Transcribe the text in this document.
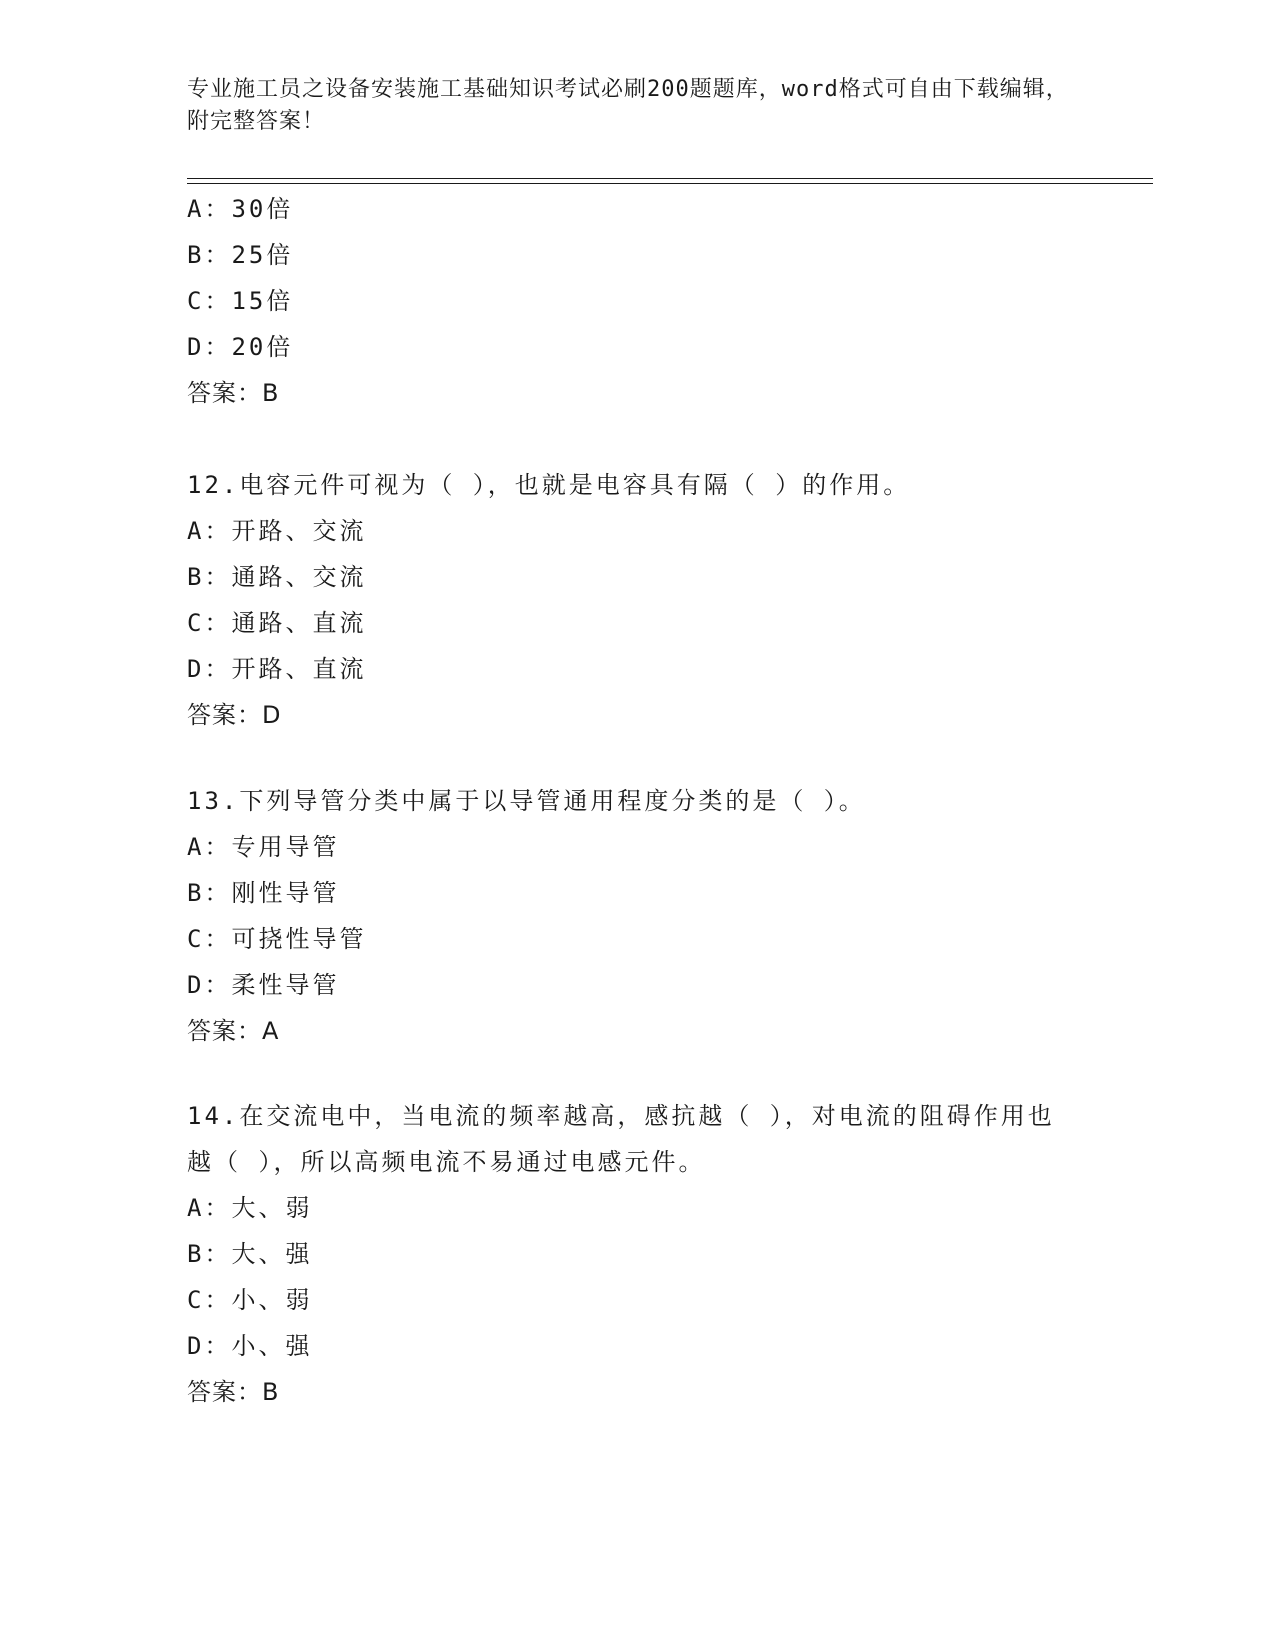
专业施工员之设备安装施工基础知识考试必刷200题题库，word格式可自由下载编辑，附完整答案！
A：30倍
B：25倍
C：15倍
D：20倍
答案：B
12.电容元件可视为（ ），也就是电容具有隔（ ）的作用。
A：开路、交流
B：通路、交流
C：通路、直流
D：开路、直流
答案：D
13.下列导管分类中属于以导管通用程度分类的是（ ）。
A：专用导管
B：刚性导管
C：可挠性导管
D：柔性导管
答案：A
14.在交流电中，当电流的频率越高，感抗越（ ），对电流的阻碍作用也越（ ），所以高频电流不易通过电感元件。
A：大、弱
B：大、强
C：小、弱
D：小、强
答案：B
